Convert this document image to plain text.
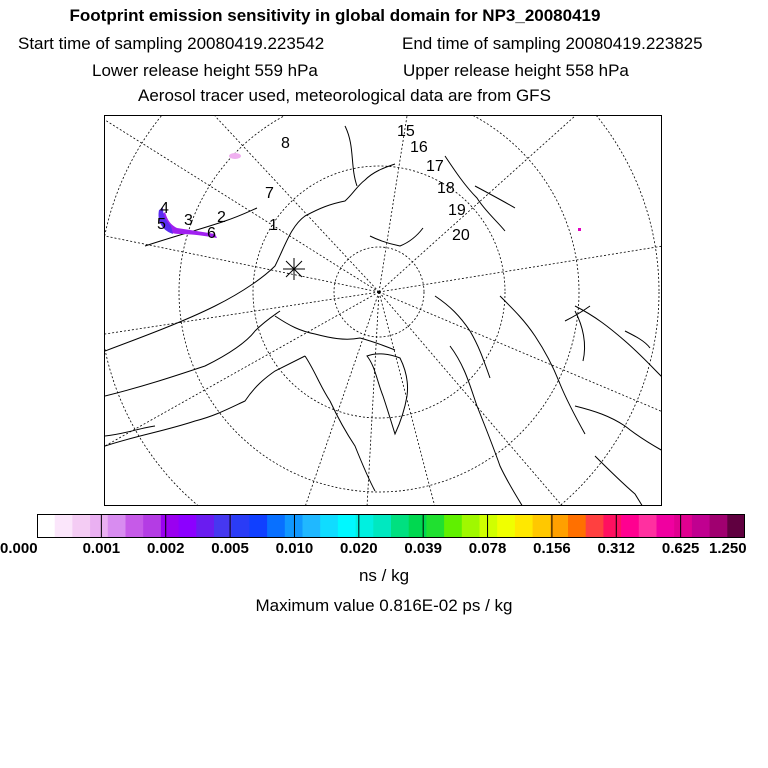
Footprint emission sensitivity in global domain for NP3_20080419
Start time of sampling 20080419.223542	End time of sampling 20080419.223825
Lower release height 559 hPa	Upper release height 558 hPa
Aerosol tracer used, meteorological data are from GFS
1
2
3
4
5
6
7
8
15
16
17
18
19
20
0.000	0.001 0.002 0.005 0.010 0.020 0.039 0.078 0.156 0.312 0.625 1.250
ns / kg
Maximum value 0.816E-02 ps / kg
